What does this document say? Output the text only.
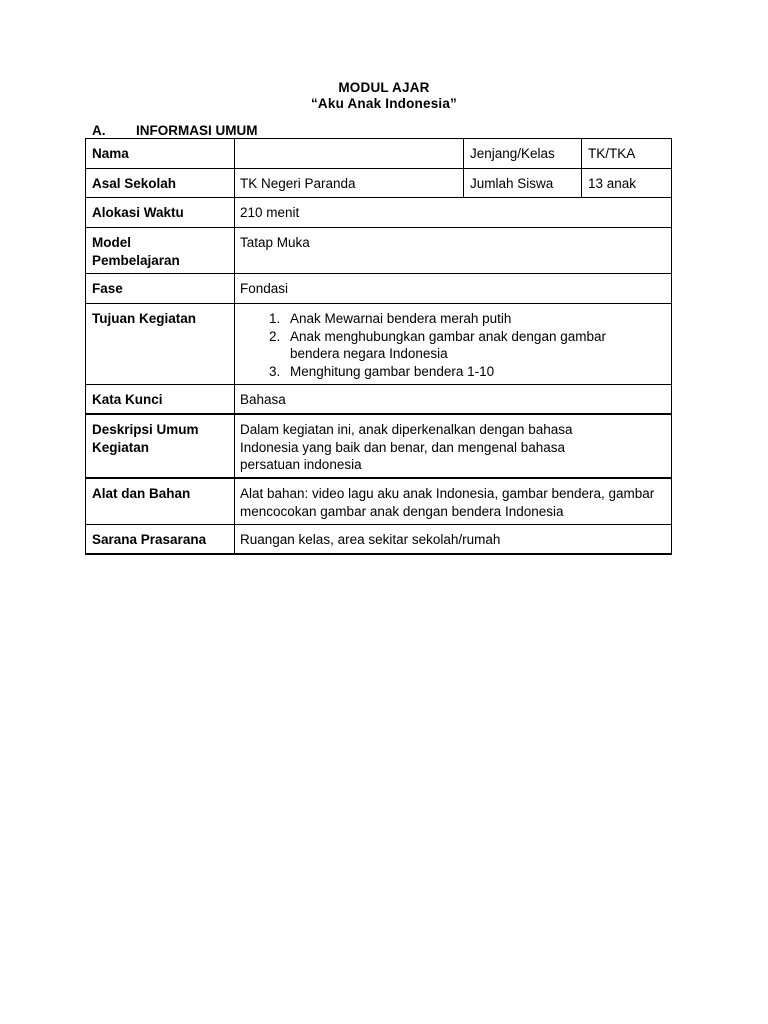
MODUL AJAR
“Aku Anak Indonesia”
A. INFORMASI UMUM
Nama	Jenjang/Kelas	TK/TKA
Asal Sekolah	TK Negeri Paranda	Jumlah Siswa	13 anak
Alokasi Waktu	210 menit
Model
Pembelajaran
Tatap Muka
Fase	Fondasi
Tujuan Kegiatan
1.	Anak Mewarnai bendera merah putih
2. Anak menghubungkan gambar anak dengan gambar bendera negara Indonesia
3. Menghitung gambar bendera 1-10
Kata Kunci	Bahasa
Deskripsi Umum
Kegiatan
Dalam kegiatan ini, anak diperkenalkan dengan bahasa Indonesia yang baik dan benar, dan mengenal bahasa persatuan indonesia
Alat dan Bahan	Alat bahan: video lagu aku anak Indonesia, gambar bendera, gambar mencocokan gambar anak dengan bendera Indonesia
Sarana Prasarana	Ruangan kelas, area sekitar sekolah/rumah
